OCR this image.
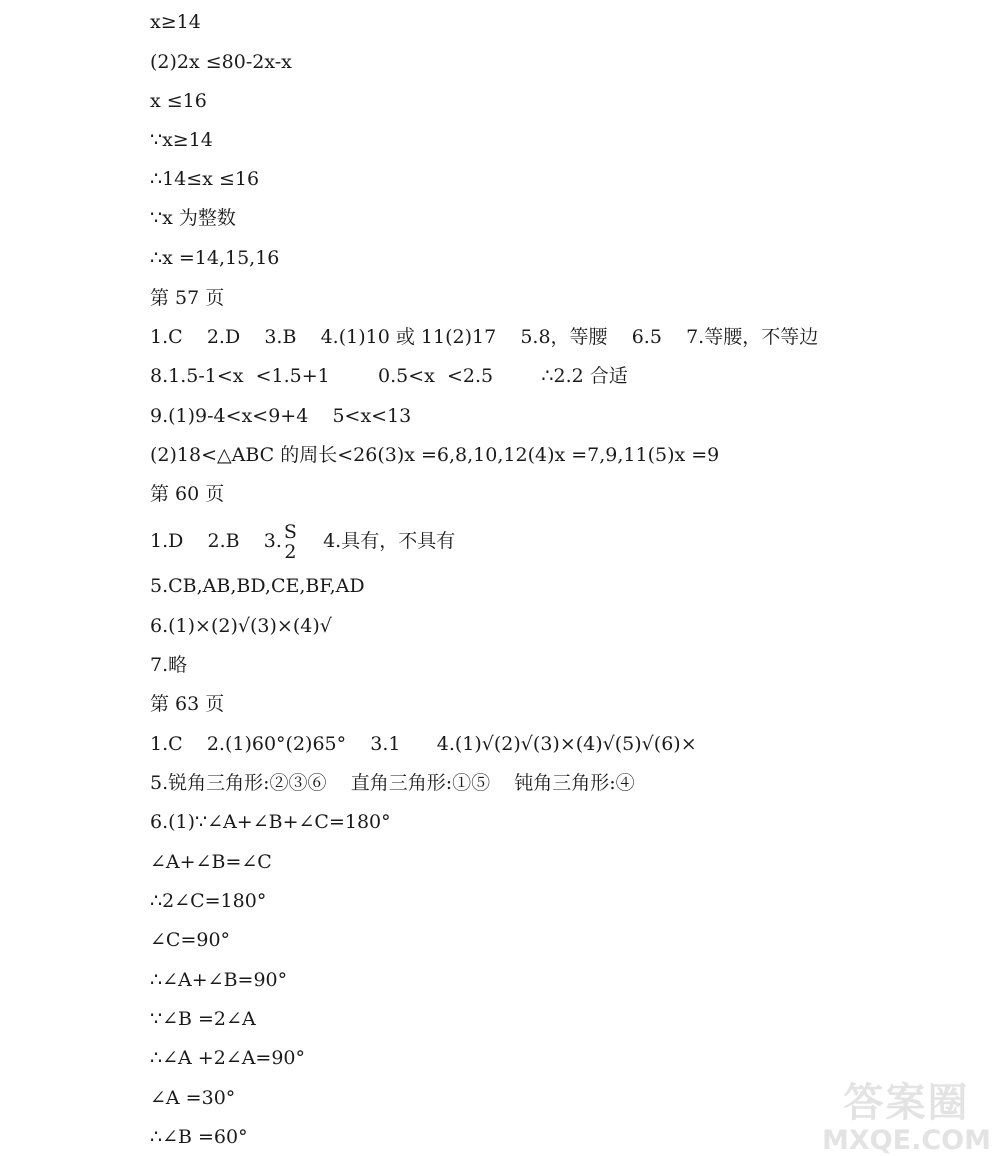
x≥14
(2)2x ≤80-2x-x
x ≤16
∵x≥14
∴14≤x ≤16
∵x 为整数
∴x =14,15,16
第 57 页
1.C    2.D    3.B    4.(1)10 或 11(2)17    5.8，等腰    6.5    7.等腰，不等边
8.1.5-1<x  <1.5+1        0.5<x  <2.5        ∴2.2 合适
9.(1)9-4<x<9+4    5<x<13
(2)18<△ABC 的周长<26(3)x =6,8,10,12(4)x =7,9,11(5)x =9
第 60 页
1.D    2.B    3. S
2 4.具有，不具有
5.CB,AB,BD,CE,BF,AD
6.(1)×(2)√(3)×(4)√
7.略
第 63 页
1.C    2.(1)60°(2)65°    3.1      4.(1)√(2)√(3)×(4)√(5)√(6)×
5.锐角三角形:②③⑥    直角三角形:①⑤    钝角三角形:④
6.(1)∵∠A+∠B+∠C=180°
∠A+∠B=∠C
∴2∠C=180°
∠C=90°
∴∠A+∠B=90°
∵∠B =2∠A
∴∠A +2∠A=90°
∠A =30°
∴∠B =60°
答案圈
MXQE.COM
